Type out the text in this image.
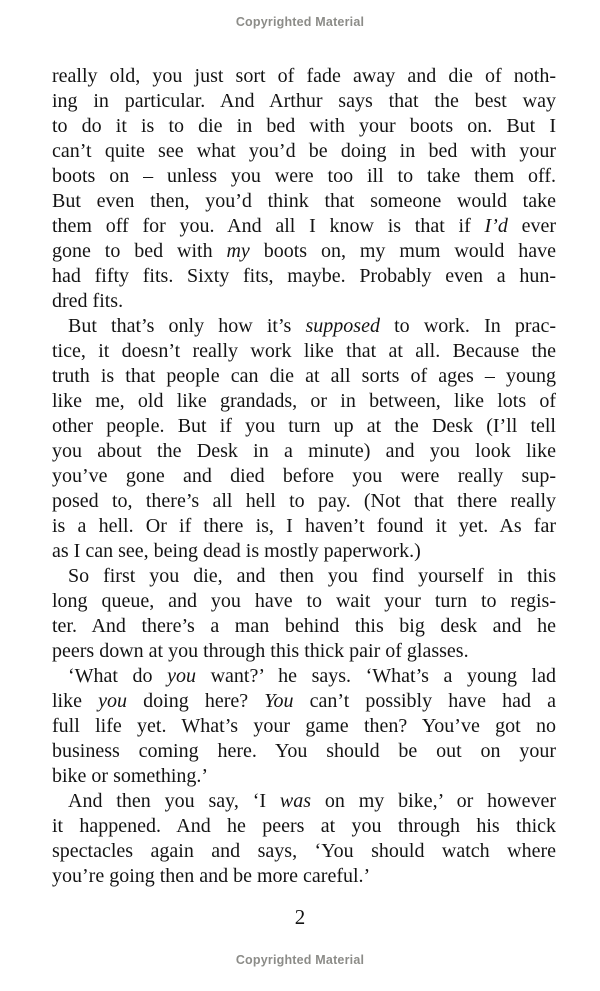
Copyrighted Material
really old, you just sort of fade away and die of noth-
ing in particular. And Arthur says that the best way
to do it is to die in bed with your boots on. But I
can’t quite see what you’d be doing in bed with your
boots on – unless you were too ill to take them off.
But even then, you’d think that someone would take
them off for you. And all I know is that if I’d ever
gone to bed with my boots on, my mum would have
had fifty fits. Sixty fits, maybe. Probably even a hun-
dred fits.
But that’s only how it’s supposed to work. In prac-
tice, it doesn’t really work like that at all. Because the
truth is that people can die at all sorts of ages – young
like me, old like grandads, or in between, like lots of
other people. But if you turn up at the Desk (I’ll tell
you about the Desk in a minute) and you look like
you’ve gone and died before you were really sup-
posed to, there’s all hell to pay. (Not that there really
is a hell. Or if there is, I haven’t found it yet. As far
as I can see, being dead is mostly paperwork.)
So first you die, and then you find yourself in this
long queue, and you have to wait your turn to regis-
ter. And there’s a man behind this big desk and he
peers down at you through this thick pair of glasses.
‘What do you want?’ he says. ‘What’s a young lad
like you doing here? You can’t possibly have had a
full life yet. What’s your game then? You’ve got no
business coming here. You should be out on your
bike or something.’
And then you say, ‘I was on my bike,’ or however
it happened. And he peers at you through his thick
spectacles again and says, ‘You should watch where
you’re going then and be more careful.’
2
Copyrighted Material
